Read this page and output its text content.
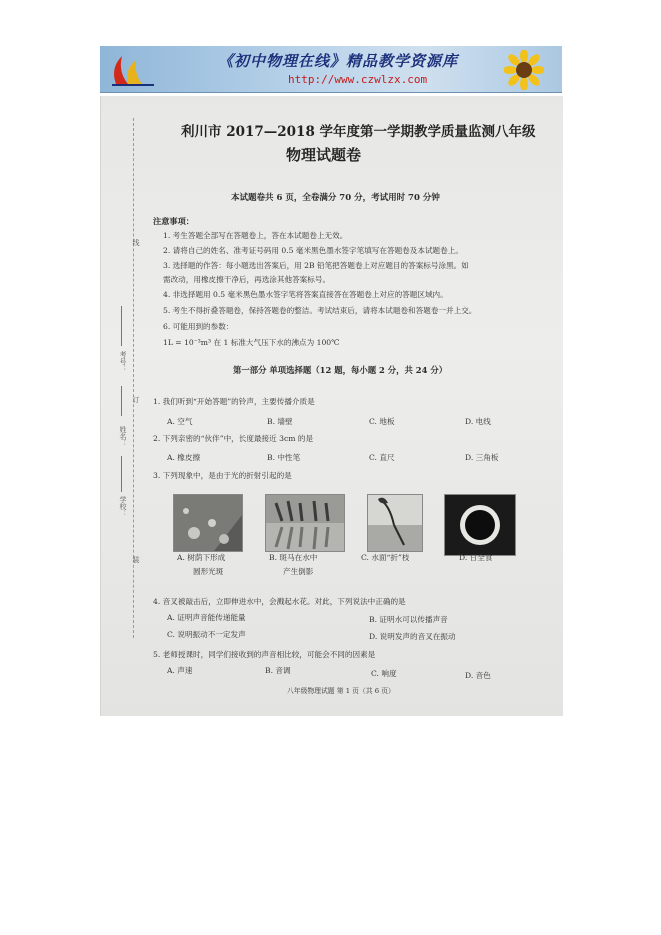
《初中物理在线》精品教学资源库
http://www.czwlzx.com
线
考号：
订
姓名：
学校：
装
利川市 2017—2018 学年度第一学期教学质量监测八年级
物理试题卷
本试题卷共 6 页，全卷满分 70 分，考试用时 70 分钟
注意事项：
1. 考生答题全部写在答题卷上，答在本试题卷上无效。
2. 请将自己的姓名、准考证号码用 0.5 毫米黑色墨水签字笔填写在答题卷及本试题卷上。
3. 选择题的作答：每小题选出答案后，用 2B 铅笔把答题卷上对应题目的答案标号涂黑。如
需改动，用橡皮擦干净后，再选涂其他答案标号。
4. 非选择题用 0.5 毫米黑色墨水签字笔将答案直接答在答题卷上对应的答题区域内。
5. 考生不得折叠答题卷，保持答题卷的整洁。考试结束后，请将本试题卷和答题卷一并上交。
6. 可能用到的参数：
1L = 10⁻³m³ 在 1 标准大气压下水的沸点为 100℃
第一部分 单项选择题（12 题，每小题 2 分，共 24 分）
1. 我们听到“开始答题”的铃声，主要传播介质是
A. 空气	B. 墙壁	C. 地板	D. 电线
2. 下列亲密的“伙伴”中，长度最接近 3cm 的是
A. 橡皮擦	B. 中性笔	C. 直尺	D. 三角板
3. 下列现象中，是由于光的折射引起的是
A. 树荫下形成
圆形光斑
B. 斑马在水中
产生倒影
C. 水面“折”枝	D. 日全食
4. 音叉被敲击后，立即伸进水中，会溅起水花。对此，下列说法中正确的是
A. 证明声音能传递能量	B. 证明水可以传播声音
C. 说明振动不一定发声	D. 说明发声的音叉在振动
5. 老师授课时，同学们接收到的声音相比较，可能会不同的因素是
A. 声速	B. 音调	C. 响度	D. 音色
八年级物理试题 第 1 页（共 6 页）
